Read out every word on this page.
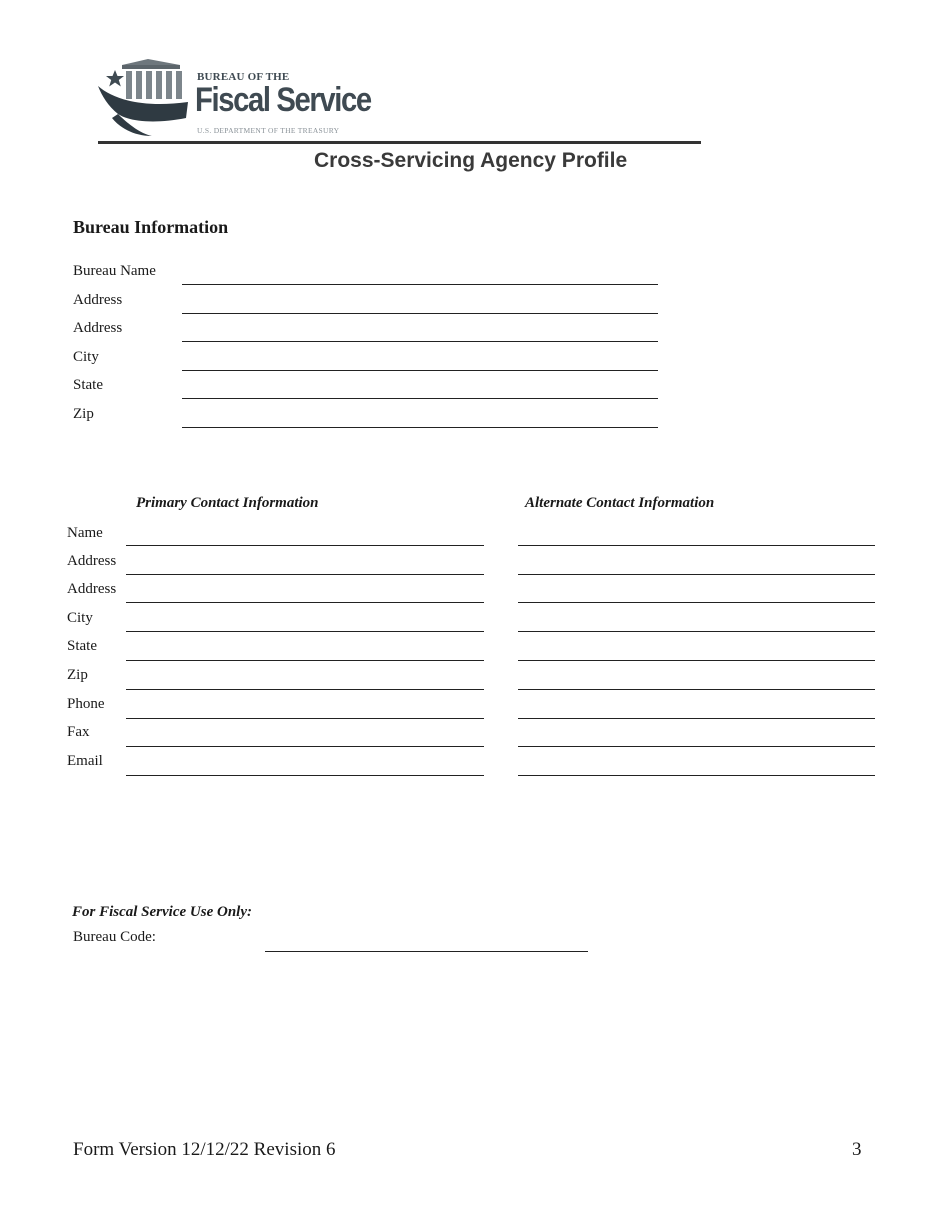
BUREAU OF THE
Fiscal Service
U.S. DEPARTMENT OF THE TREASURY
Cross-Servicing Agency Profile
Bureau Information
Bureau Name
Address
Address
City
State
Zip
Primary Contact Information	Alternate Contact Information
Name
Address
Address
City
State
Zip
Phone
Fax
Email
For Fiscal Service Use Only:
Bureau Code:
Form Version 12/12/22 Revision 6	3
